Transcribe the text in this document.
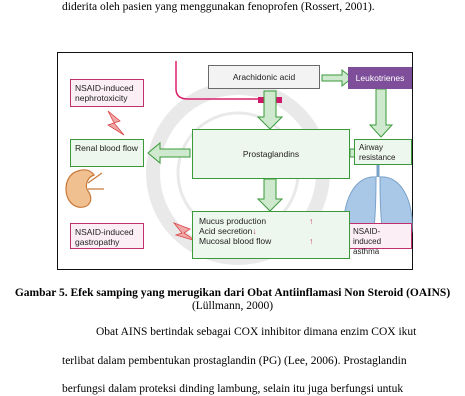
diderita oleh pasien yang menggunakan fenoprofen (Rossert, 2001).
Arachidonic acid	Leukotrienes
Prostaglandins
Airway resistance
Renal blood flow
NSAID-induced nephrotoxicity
NSAID-induced gastropathy
NSAID-induced asthma
Mucus production	↑
Acid secretion↓
Mucosal blood flow	↑
Gambar 5. Efek samping yang merugikan dari Obat Antiinflamasi Non Steroid (OAINS) (Lüllmann, 2000)
Obat AINS bertindak sebagai COX inhibitor dimana enzim COX ikut
terlibat dalam pembentukan prostaglandin (PG) (Lee, 2006). Prostaglandin
berfungsi dalam proteksi dinding lambung, selain itu juga berfungsi untuk
